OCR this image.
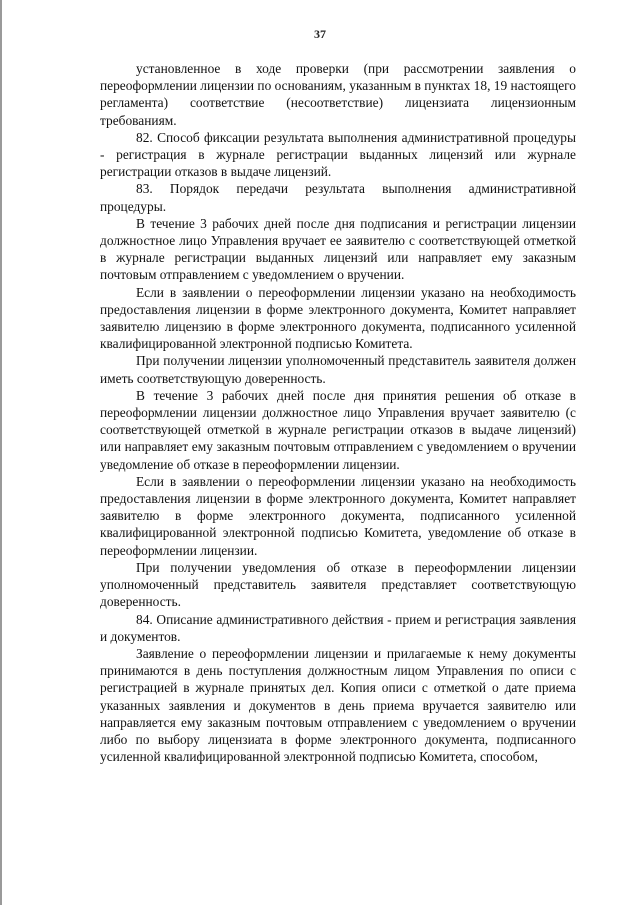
37

установленное в ходе проверки (при рассмотрении заявления о переоформлении лицензии по основаниям, указанным в пунктах 18, 19 настоящего регламента) соответствие (несоответствие) лицензиата лицензионным требованиям.

82. Способ фиксации результата выполнения административной процедуры - регистрация в журнале регистрации выданных лицензий или журнале регистрации отказов в выдаче лицензий.

83. Порядок передачи результата выполнения административной процедуры.

В течение 3 рабочих дней после дня подписания и регистрации лицензии должностное лицо Управления вручает ее заявителю с соответствующей отметкой в журнале регистрации выданных лицензий или направляет ему заказным почтовым отправлением с уведомлением о вручении.

Если в заявлении о переоформлении лицензии указано на необходимость предоставления лицензии в форме электронного документа, Комитет направляет заявителю лицензию в форме электронного документа, подписанного усиленной квалифицированной электронной подписью Комитета.

При получении лицензии уполномоченный представитель заявителя должен иметь соответствующую доверенность.

В течение 3 рабочих дней после дня принятия решения об отказе в переоформлении лицензии должностное лицо Управления вручает заявителю (с соответствующей отметкой в журнале регистрации отказов в выдаче лицензий) или направляет ему заказным почтовым отправлением с уведомлением о вручении уведомление об отказе в переоформлении лицензии.

Если в заявлении о переоформлении лицензии указано на необходимость предоставления лицензии в форме электронного документа, Комитет направляет заявителю в форме электронного документа, подписанного усиленной квалифицированной электронной подписью Комитета, уведомление об отказе в переоформлении лицензии.

При получении уведомления об отказе в переоформлении лицензии уполномоченный представитель заявителя представляет соответствующую доверенность.

84. Описание административного действия - прием и регистрация заявления и документов.

Заявление о переоформлении лицензии и прилагаемые к нему документы принимаются в день поступления должностным лицом Управления по описи с регистрацией в журнале принятых дел. Копия описи с отметкой о дате приема указанных заявления и документов в день приема вручается заявителю или направляется ему заказным почтовым отправлением с уведомлением о вручении либо по выбору лицензиата в форме электронного документа, подписанного усиленной квалифицированной электронной подписью Комитета, способом,
